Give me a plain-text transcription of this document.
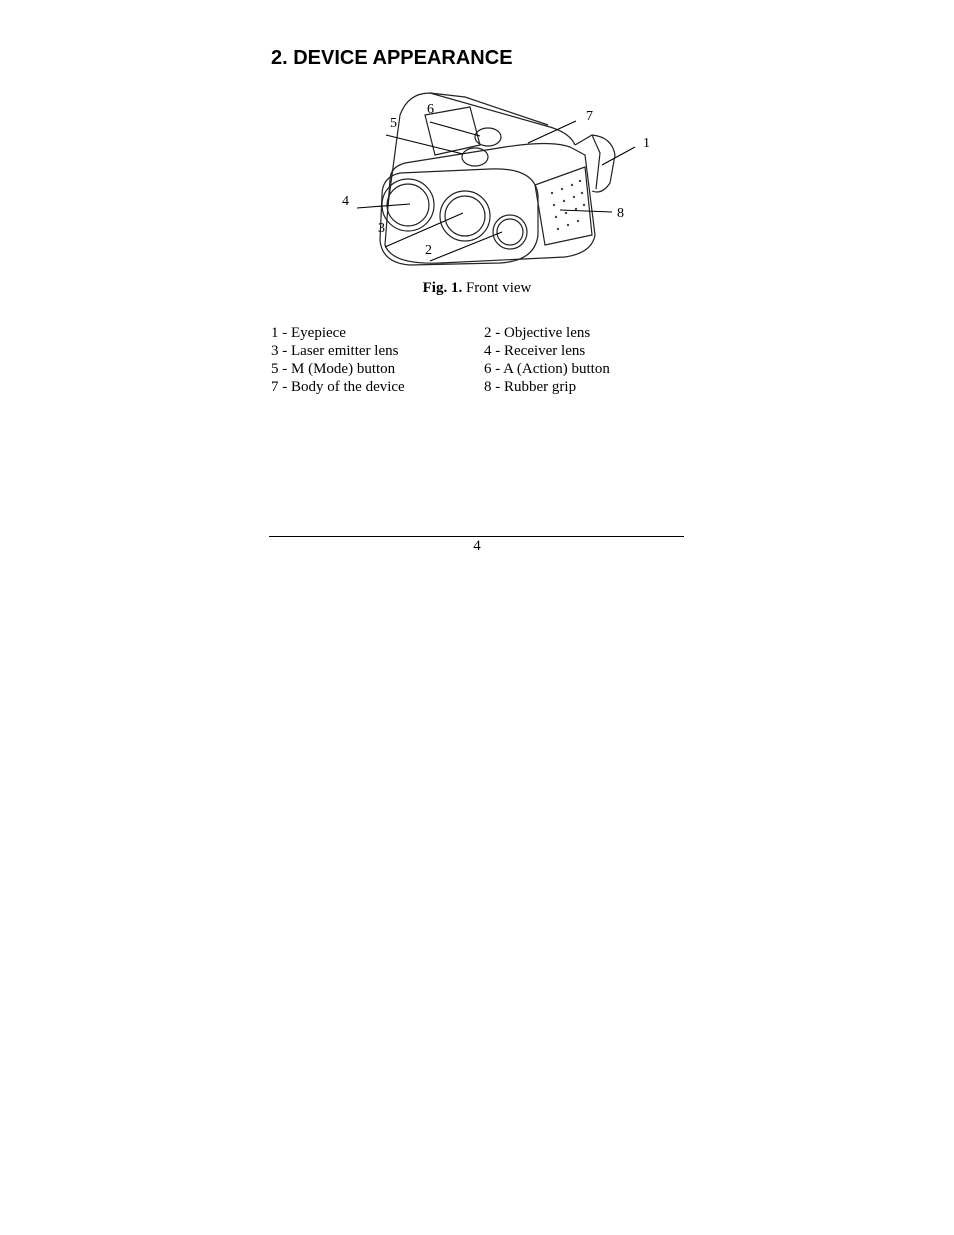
2. DEVICE APPEARANCE
1
2
3
4
5
6	7
8
Fig. 1. Front view
1 - Eyepiece	2 - Objective lens
3 - Laser emitter lens	4 - Receiver lens
5 - M (Mode) button	6 - A (Action) button
7 - Body of the device	8 - Rubber grip
4
